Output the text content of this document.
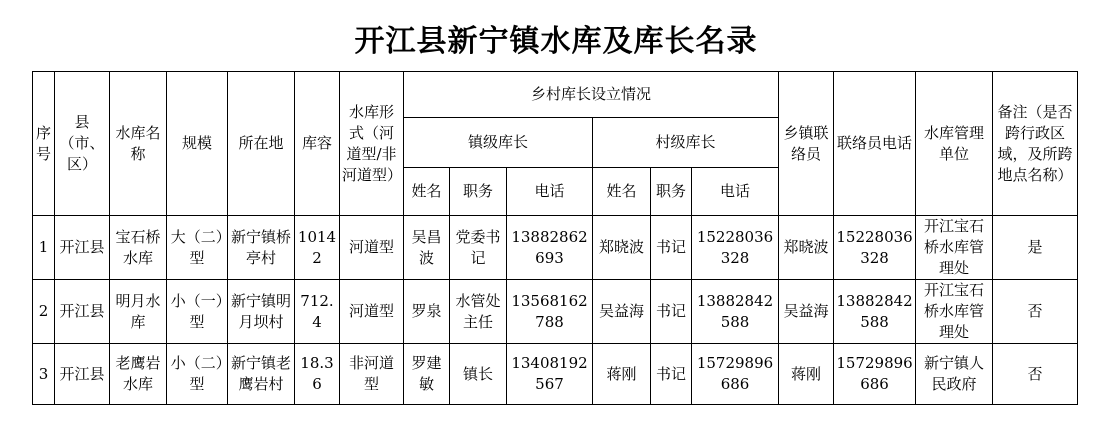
开江县新宁镇水库及库长名录
序号	县（市、区）	水库名称	规模	所在地	库容	水库形式（河道型/非河道型）	乡村库长设立情况						乡镇联络员	联络员电话	水库管理单位	备注（是否跨行政区域，及所跨地点名称）
							镇级库长			村级库长						
							姓名	职务	电话	姓名	职务	电话				
1	开江县	宝石桥水库	大（二）型	新宁镇桥亭村	10142	河道型	吴昌波	党委书记	13882862693	郑晓波	书记	15228036328	郑晓波	15228036328	开江宝石桥水库管理处	是
2	开江县	明月水库	小（一）型	新宁镇明月坝村	712.4	河道型	罗泉	水管处主任	13568162788	吴益海	书记	13882842588	吴益海	13882842588	开江宝石桥水库管理处	否
3	开江县	老鹰岩水库	小（二）型	新宁镇老鹰岩村	18.36	非河道型	罗建敏	镇长	13408192567	蒋刚	书记	15729896686	蒋刚	15729896686	新宁镇人民政府	否
